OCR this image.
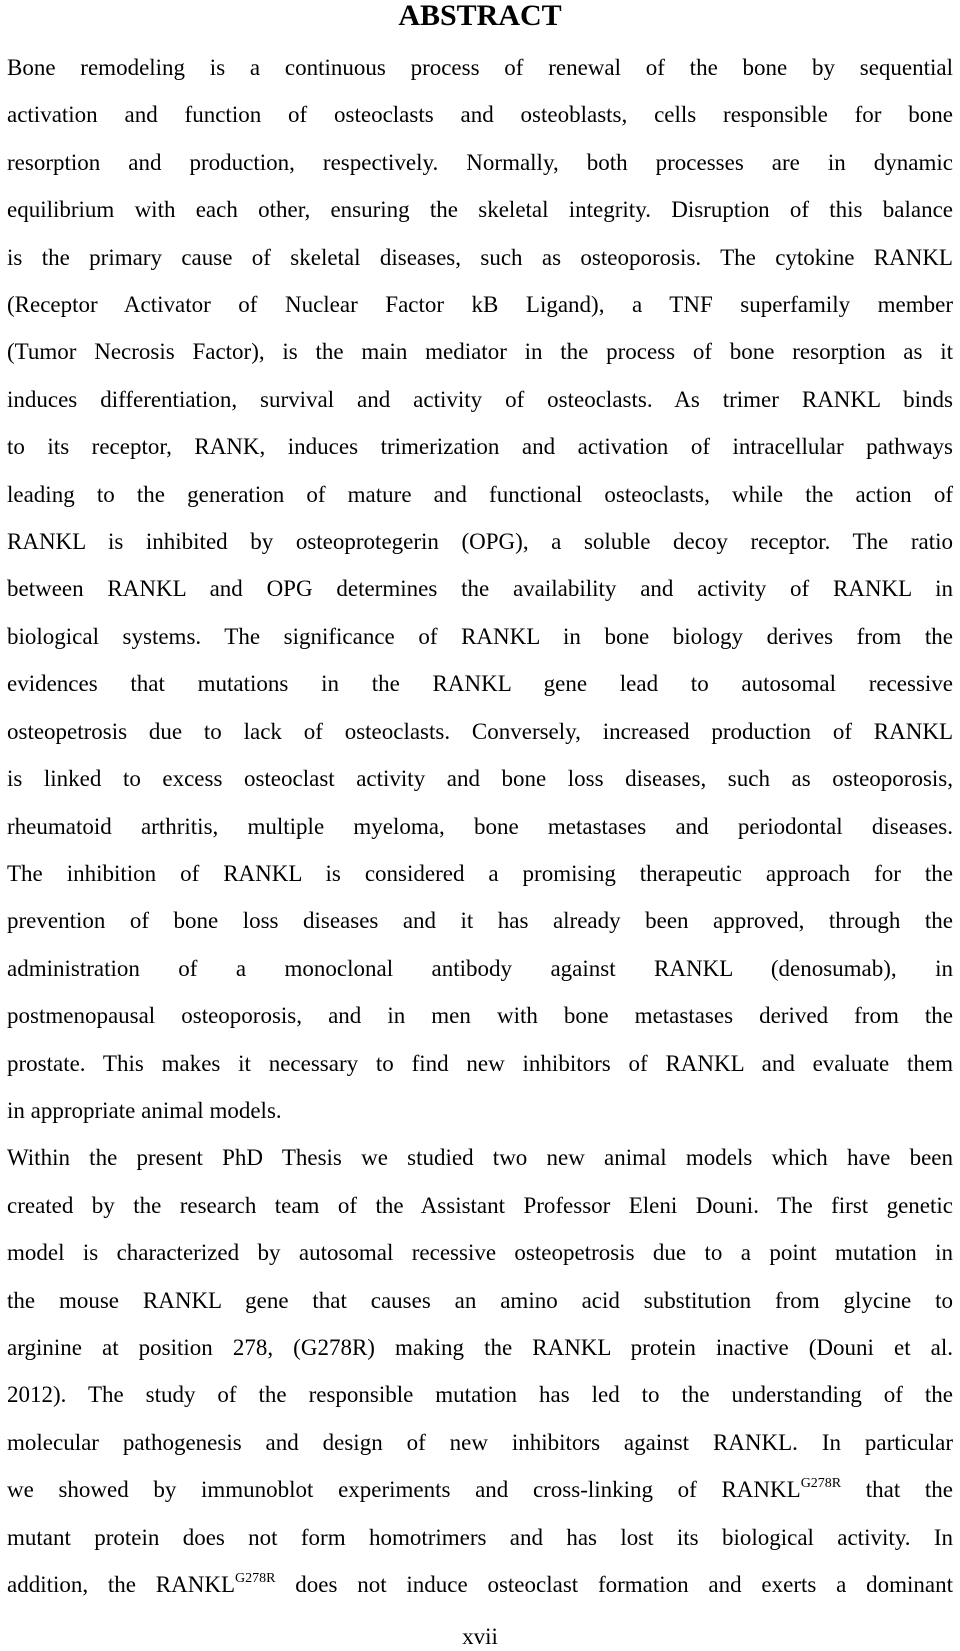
ABSTRACT

Bone remodeling is a continuous process of renewal of the bone by sequential
activation and function of osteoclasts and osteoblasts, cells responsible for bone
resorption and production, respectively. Normally, both processes are in dynamic
equilibrium with each other, ensuring the skeletal integrity. Disruption of this balance
is the primary cause of skeletal diseases, such as osteoporosis. The cytokine RANKL
(Receptor Activator of Nuclear Factor kB Ligand), a TNF superfamily member
(Tumor Necrosis Factor), is the main mediator in the process of bone resorption as it
induces differentiation, survival and activity of osteoclasts. As trimer RANKL binds
to its receptor, RANK, induces trimerization and activation of intracellular pathways
leading to the generation of mature and functional osteoclasts, while the action of
RANKL is inhibited by osteoprotegerin (OPG), a soluble decoy receptor. The ratio
between RANKL and OPG determines the availability and activity of RANKL in
biological systems. The significance of RANKL in bone biology derives from the
evidences that mutations in the RANKL gene lead to autosomal recessive
osteopetrosis due to lack of osteoclasts. Conversely, increased production of RANKL
is linked to excess osteoclast activity and bone loss diseases, such as osteoporosis,
rheumatoid arthritis, multiple myeloma, bone metastases and periodontal diseases.
The inhibition of RANKL is considered a promising therapeutic approach for the
prevention of bone loss diseases and it has already been approved, through the
administration of a monoclonal antibody against RANKL (denosumab), in
postmenopausal osteoporosis, and in men with bone metastases derived from the
prostate. This makes it necessary to find new inhibitors of RANKL and evaluate them
in appropriate animal models.

Within the present PhD Thesis we studied two new animal models which have been
created by the research team of the Assistant Professor Eleni Douni. The first genetic
model is characterized by autosomal recessive osteopetrosis due to a point mutation in
the mouse RANKL gene that causes an amino acid substitution from glycine to
arginine at position 278, (G278R) making the RANKL protein inactive (Douni et al.
2012). The study of the responsible mutation has led to the understanding of the
molecular pathogenesis and design of new inhibitors against RANKL. In particular

we showed by immunoblot experiments and cross-linking of $RANKL^{G278R}$ that the
mutant protein does not form homotrimers and has lost its biological activity. In
addition, the $RANKL^{G278R}$ does not induce osteoclast formation and exerts a dominant
xvii
